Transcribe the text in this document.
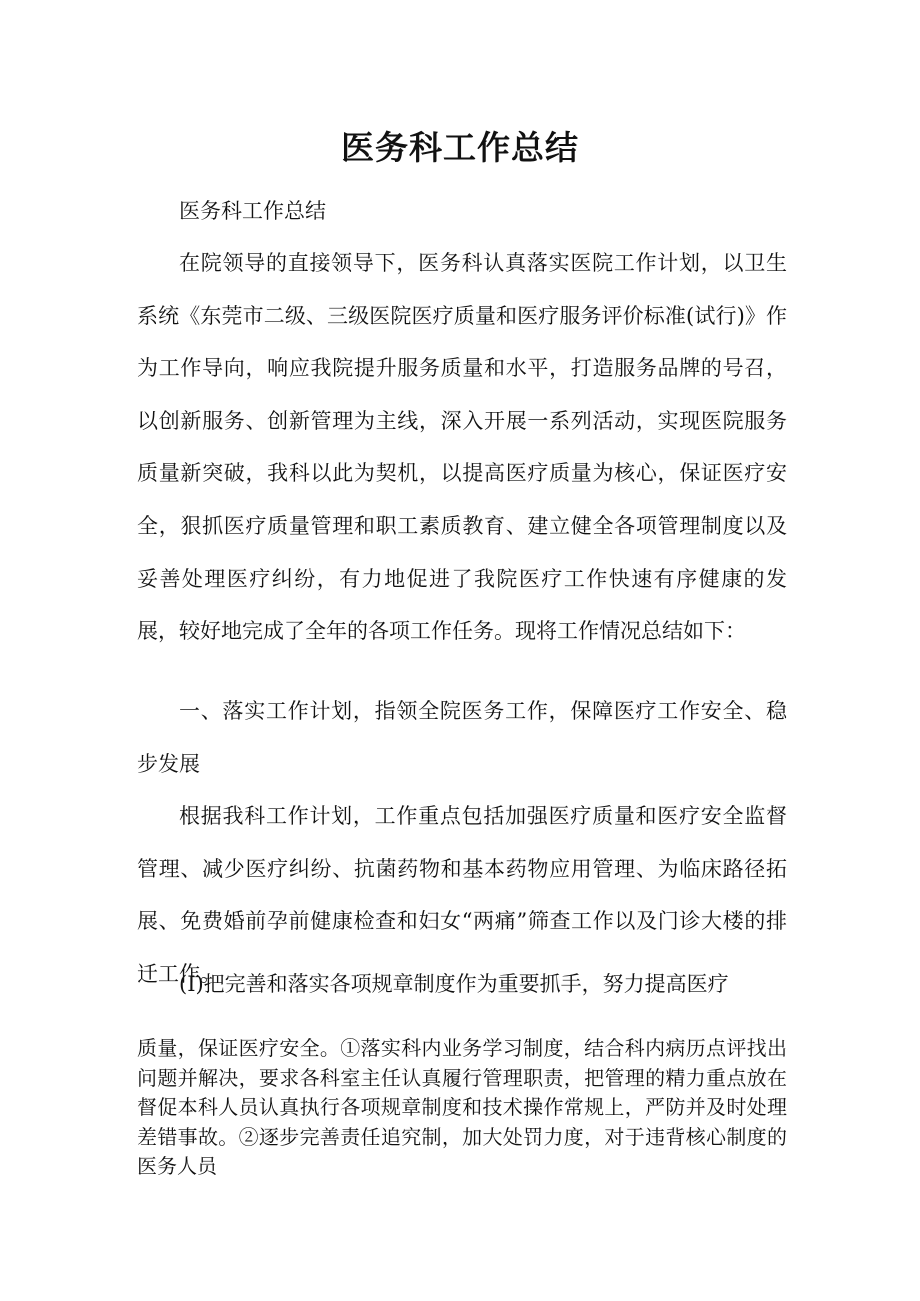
医务科工作总结
医务科工作总结
在院领导的直接领导下，医务科认真落实医院工作计划，以卫生系统《东莞市二级、三级医院医疗质量和医疗服务评价标准(试行)》作为工作导向，响应我院提升服务质量和水平，打造服务品牌的号召，以创新服务、创新管理为主线，深入开展一系列活动，实现医院服务质量新突破，我科以此为契机，以提高医疗质量为核心，保证医疗安全，狠抓医疗质量管理和职工素质教育、建立健全各项管理制度以及妥善处理医疗纠纷，有力地促进了我院医疗工作快速有序健康的发展，较好地完成了全年的各项工作任务。现将工作情况总结如下：
一、落实工作计划，指领全院医务工作，保障医疗工作安全、稳步发展
根据我科工作计划，工作重点包括加强医疗质量和医疗安全监督管理、减少医疗纠纷、抗菌药物和基本药物应用管理、为临床路径拓展、免费婚前孕前健康检查和妇女“两痛”筛查工作以及门诊大楼的排迁工作。
(I)把完善和落实各项规章制度作为重要抓手，努力提高医疗
质量，保证医疗安全。①落实科内业务学习制度，结合科内病历点评找出问题并解决，要求各科室主任认真履行管理职责，把管理的精力重点放在督促本科人员认真执行各项规章制度和技术操作常规上，严防并及时处理差错事故。②逐步完善责任追究制，加大处罚力度，对于违背核心制度的医务人员
